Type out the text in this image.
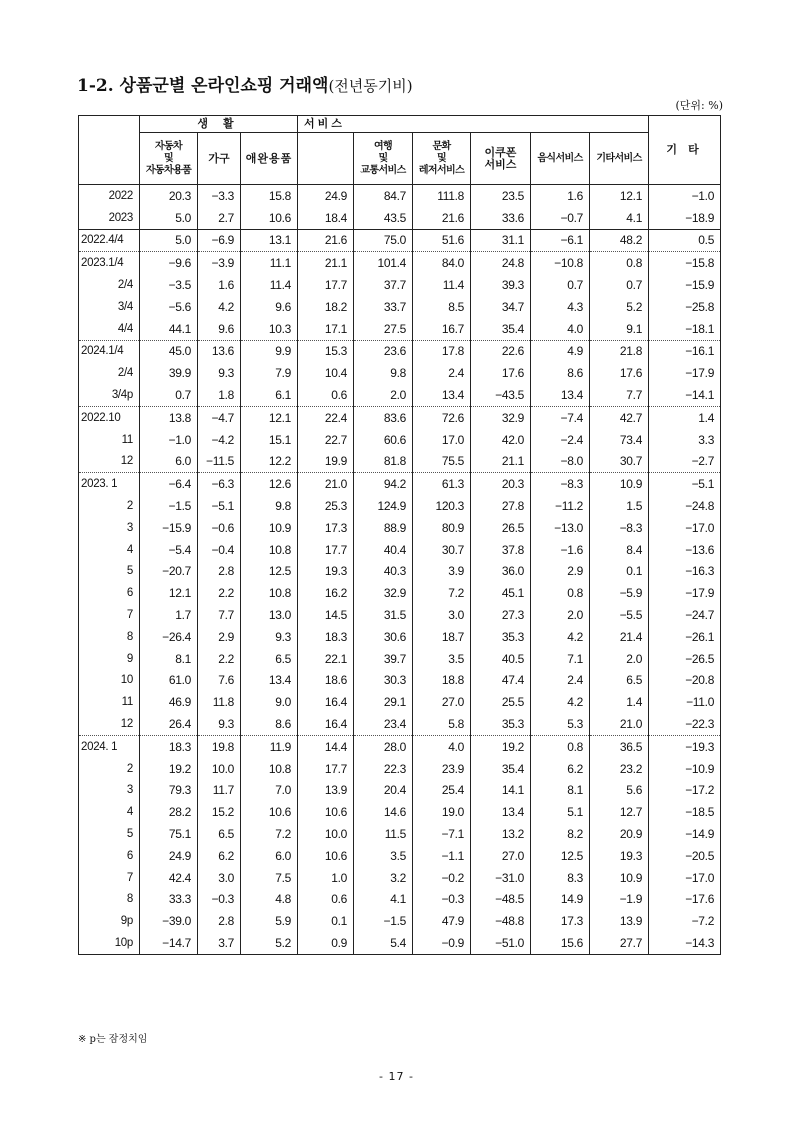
1-2. 상품군별 온라인쇼핑 거래액(전년동기비)
(단위: %)
	생 활			서비스						기 타
	자동차
및
자동차용품	가구	애완용품		여행
및
교통서비스	문화
및
레저서비스	이쿠폰
서비스	음식서비스	기타서비스	
2022	20.3	−3.3	15.8	24.9	84.7	111.8	23.5	1.6	12.1	−1.0
2023	5.0	2.7	10.6	18.4	43.5	21.6	33.6	−0.7	4.1	−18.9
2022.4/4	5.0	−6.9	13.1	21.6	75.0	51.6	31.1	−6.1	48.2	0.5
2023.1/4	−9.6	−3.9	11.1	21.1	101.4	84.0	24.8	−10.8	0.8	−15.8
2/4	−3.5	1.6	11.4	17.7	37.7	11.4	39.3	0.7	0.7	−15.9
3/4	−5.6	4.2	9.6	18.2	33.7	8.5	34.7	4.3	5.2	−25.8
4/4	44.1	9.6	10.3	17.1	27.5	16.7	35.4	4.0	9.1	−18.1
2024.1/4	45.0	13.6	9.9	15.3	23.6	17.8	22.6	4.9	21.8	−16.1
2/4	39.9	9.3	7.9	10.4	9.8	2.4	17.6	8.6	17.6	−17.9
3/4p	0.7	1.8	6.1	0.6	2.0	13.4	−43.5	13.4	7.7	−14.1
2022.10	13.8	−4.7	12.1	22.4	83.6	72.6	32.9	−7.4	42.7	1.4
11	−1.0	−4.2	15.1	22.7	60.6	17.0	42.0	−2.4	73.4	3.3
12	6.0	−11.5	12.2	19.9	81.8	75.5	21.1	−8.0	30.7	−2.7
2023. 1	−6.4	−6.3	12.6	21.0	94.2	61.3	20.3	−8.3	10.9	−5.1
2	−1.5	−5.1	9.8	25.3	124.9	120.3	27.8	−11.2	1.5	−24.8
3	−15.9	−0.6	10.9	17.3	88.9	80.9	26.5	−13.0	−8.3	−17.0
4	−5.4	−0.4	10.8	17.7	40.4	30.7	37.8	−1.6	8.4	−13.6
5	−20.7	2.8	12.5	19.3	40.3	3.9	36.0	2.9	0.1	−16.3
6	12.1	2.2	10.8	16.2	32.9	7.2	45.1	0.8	−5.9	−17.9
7	1.7	7.7	13.0	14.5	31.5	3.0	27.3	2.0	−5.5	−24.7
8	−26.4	2.9	9.3	18.3	30.6	18.7	35.3	4.2	21.4	−26.1
9	8.1	2.2	6.5	22.1	39.7	3.5	40.5	7.1	2.0	−26.5
10	61.0	7.6	13.4	18.6	30.3	18.8	47.4	2.4	6.5	−20.8
11	46.9	11.8	9.0	16.4	29.1	27.0	25.5	4.2	1.4	−11.0
12	26.4	9.3	8.6	16.4	23.4	5.8	35.3	5.3	21.0	−22.3
2024. 1	18.3	19.8	11.9	14.4	28.0	4.0	19.2	0.8	36.5	−19.3
2	19.2	10.0	10.8	17.7	22.3	23.9	35.4	6.2	23.2	−10.9
3	79.3	11.7	7.0	13.9	20.4	25.4	14.1	8.1	5.6	−17.2
4	28.2	15.2	10.6	10.6	14.6	19.0	13.4	5.1	12.7	−18.5
5	75.1	6.5	7.2	10.0	11.5	−7.1	13.2	8.2	20.9	−14.9
6	24.9	6.2	6.0	10.6	3.5	−1.1	27.0	12.5	19.3	−20.5
7	42.4	3.0	7.5	1.0	3.2	−0.2	−31.0	8.3	10.9	−17.0
8	33.3	−0.3	4.8	0.6	4.1	−0.3	−48.5	14.9	−1.9	−17.6
9p	−39.0	2.8	5.9	0.1	−1.5	47.9	−48.8	17.3	13.9	−7.2
10p	−14.7	3.7	5.2	0.9	5.4	−0.9	−51.0	15.6	27.7	−14.3
※ p는 잠정치임
- 17 -
